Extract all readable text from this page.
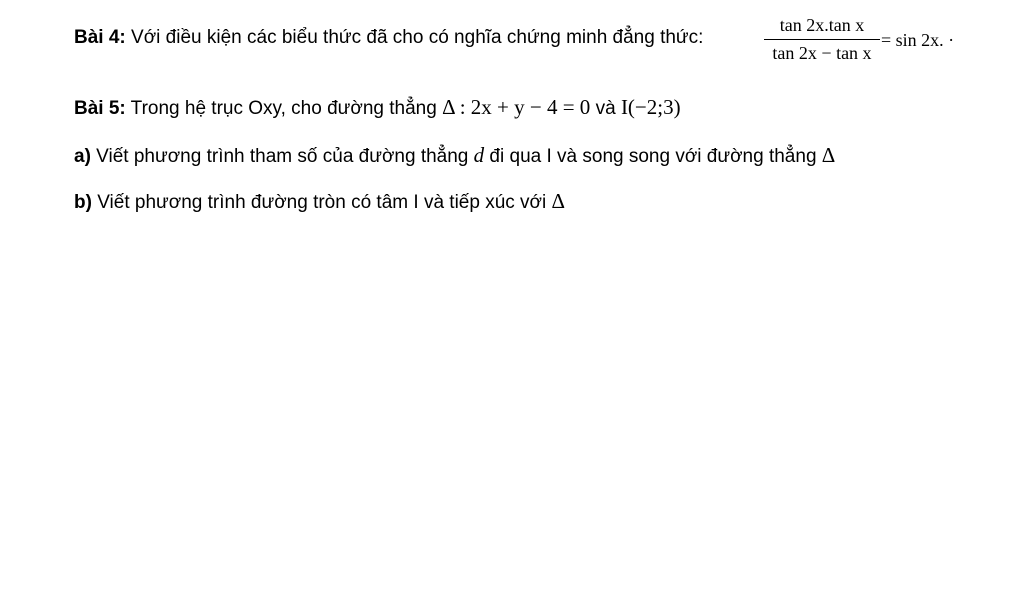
Bài 4: Với điều kiện các biểu thức đã cho có nghĩa chứng minh đẳng thức:
tan 2x.tan x
tan 2x − tan x
= sin 2x. ·
Bài 5: Trong hệ trục Oxy, cho đường thẳng Δ : 2x + y − 4 = 0 và I(−2;3)
a) Viết phương trình tham số của đường thẳng d đi qua I và song song với đường thẳng Δ
b) Viết phương trình đường tròn có tâm I và tiếp xúc với Δ
